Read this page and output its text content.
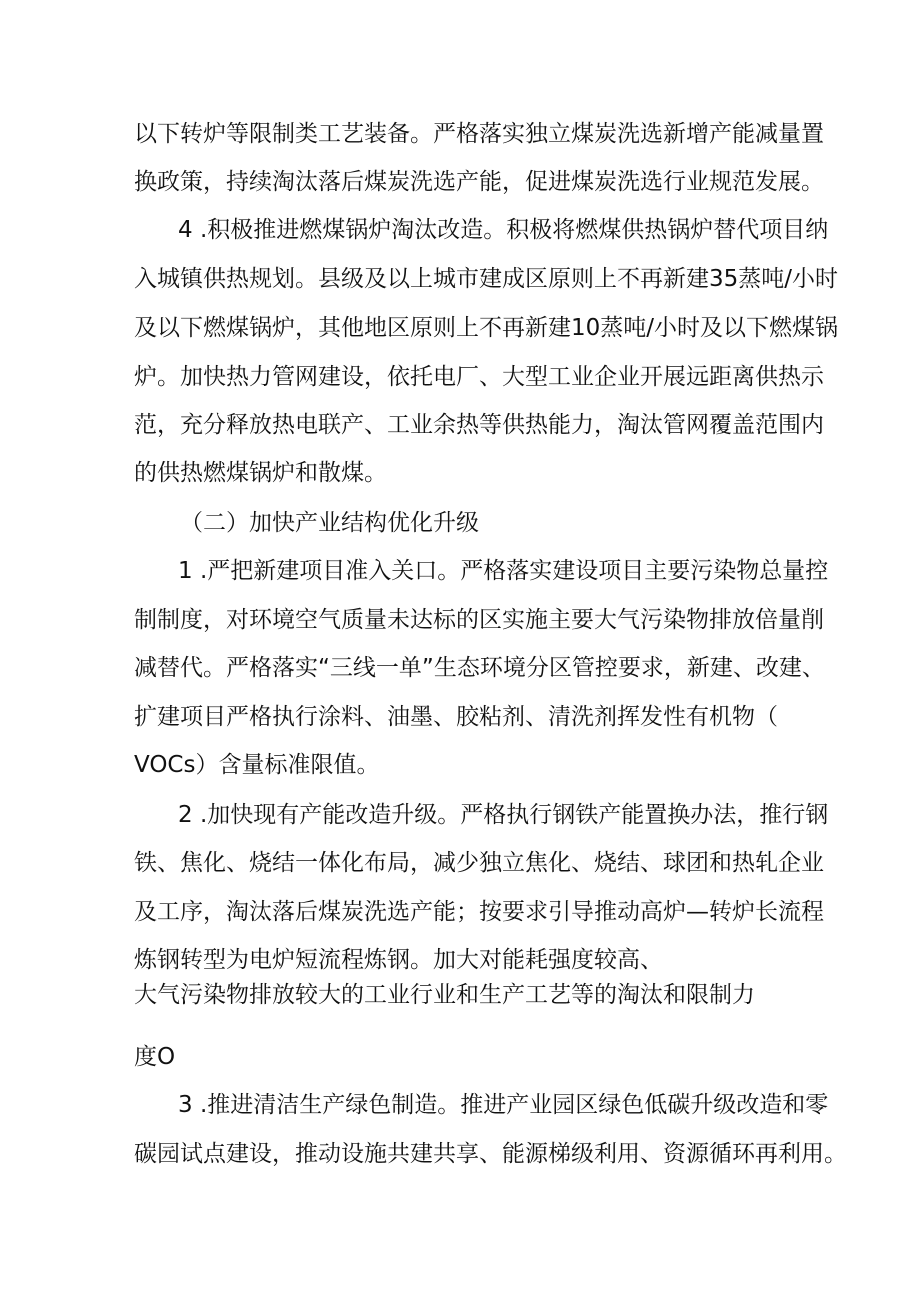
以下转炉等限制类工艺装备。严格落实独立煤炭洗选新增产能减量置
换政策，持续淘汰落后煤炭洗选产能，促进煤炭洗选行业规范发展。
4 .积极推进燃煤锅炉淘汰改造。积极将燃煤供热锅炉替代项目纳
入城镇供热规划。县级及以上城市建成区原则上不再新建35蒸吨/小时
及以下燃煤锅炉，其他地区原则上不再新建10蒸吨/小时及以下燃煤锅
炉。加快热力管网建设，依托电厂、大型工业企业开展远距离供热示
范，充分释放热电联产、工业余热等供热能力，淘汰管网覆盖范围内
的供热燃煤锅炉和散煤。
（二）加快产业结构优化升级
1 .严把新建项目准入关口。严格落实建设项目主要污染物总量控
制制度，对环境空气质量未达标的区实施主要大气污染物排放倍量削
减替代。严格落实“三线一单”生态环境分区管控要求，新建、改建、
扩建项目严格执行涂料、油墨、胶粘剂、清洗剂挥发性有机物（
VOCs）含量标准限值。
2 .加快现有产能改造升级。严格执行钢铁产能置换办法，推行钢
铁、焦化、烧结一体化布局，减少独立焦化、烧结、球团和热轧企业
及工序，淘汰落后煤炭洗选产能；按要求引导推动高炉—转炉长流程
炼钢转型为电炉短流程炼钢。加大对能耗强度较高、
大气污染物排放较大的工业行业和生产工艺等的淘汰和限制力
度O
3 .推进清洁生产绿色制造。推进产业园区绿色低碳升级改造和零
碳园试点建设，推动设施共建共享、能源梯级利用、资源循环再利用。
